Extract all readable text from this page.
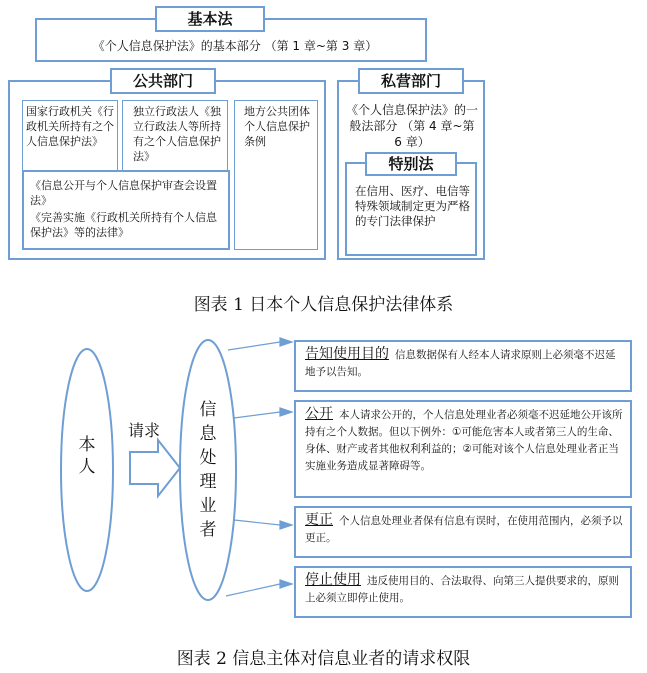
基本法
《个人信息保护法》的基本部分 （第 1 章~第 3 章）
公共部门
国家行政机关《行政机关所持有之个人信息保护法》
独立行政法人《独立行政法人等所持有之个人信息保护法》
地方公共团体个人信息保护条例
《信息公开与个人信息保护审查会设置法》
《完善实施《行政机关所持有个人信息保护法》等的法律》
私营部门
《个人信息保护法》的一般法部分 （第 4 章~第 6 章）
特别法
在信用、医疗、电信等特殊领域制定更为严格的专门法律保护
图表 1 日本个人信息保护法律体系
本人
请求
信息处理业者
告知使用目的 信息数据保有人经本人请求原则上必须毫不迟延地予以告知。
公开 本人请求公开的，个人信息处理业者必须毫不迟延地公开该所持有之个人数据。但以下例外：①可能危害本人或者第三人的生命、身体、财产或者其他权利利益的；②可能对该个人信息处理业者正当实施业务造成显著障碍等。
更正 个人信息处理业者保有信息有误时，在使用范围内，必须予以更正。
停止使用 违反使用目的、合法取得、向第三人提供要求的，原则上必须立即停止使用。
图表 2 信息主体对信息业者的请求权限
